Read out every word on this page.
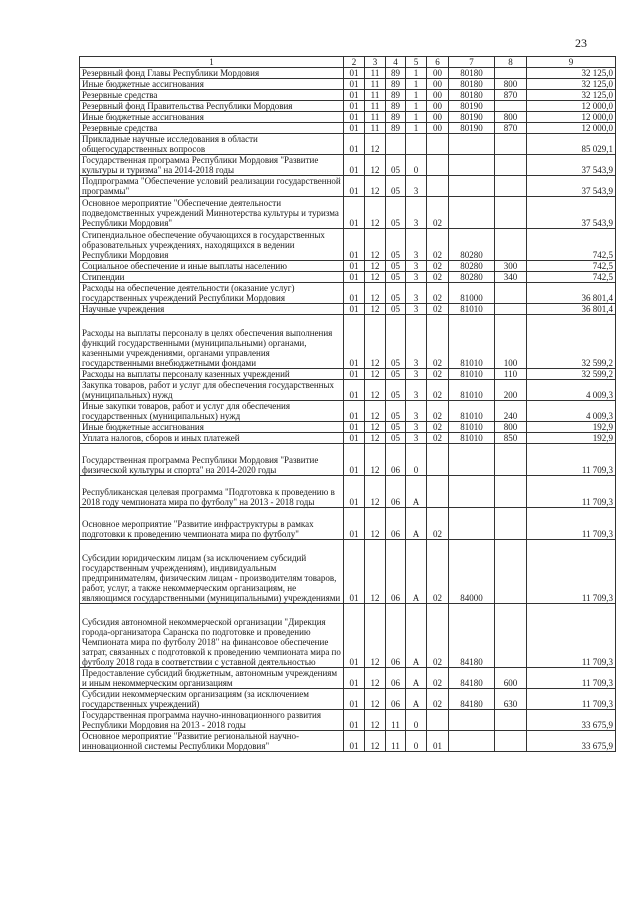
23
1	2	3	4	5	6	7	8	9
Резервный фонд Главы Республики Мордовия	01	11	89	1	00	80180		32 125,0
Иные бюджетные ассигнования	01	11	89	1	00	80180	800	32 125,0
Резервные средства	01	11	89	1	00	80180	870	32 125,0
Резервный фонд Правительства Республики Мордовия	01	11	89	1	00	80190		12 000,0
Иные бюджетные ассигнования	01	11	89	1	00	80190	800	12 000,0
Резервные средства	01	11	89	1	00	80190	870	12 000,0
Прикладные научные исследования в области общегосударственных вопросов	01	12						85 029,1
Государственная программа Республики Мордовия "Развитие культуры и туризма" на 2014-2018 годы	01	12	05	0				37 543,9
Подпрограмма "Обеспечение условий реализации государственной программы"	01	12	05	3				37 543,9
Основное мероприятие "Обеспечение деятельности подведомственных учреждений Миннотерства культуры и туризма Республики Мордовия"	01	12	05	3	02			37 543,9
Стипендиальное обеспечение обучающихся в государственных образовательных учреждениях, находящихся в ведении Республики Мордовия	01	12	05	3	02	80280		742,5
Социальное обеспечение и иные выплаты населению	01	12	05	3	02	80280	300	742,5
Стипендии	01	12	05	3	02	80280	340	742,5
Расходы на обеспечение деятельности (оказание услуг) государственных учреждений Республики Мордовия	01	12	05	3	02	81000		36 801,4
Научные учреждения	01	12	05	3	02	81010		36 801,4
Расходы на выплаты персоналу в целях обеспечения выполнения функций государственными (муниципальными) органами, казенными учреждениями, органами управления государственными внебюджетными фондами	01	12	05	3	02	81010	100	32 599,2
Расходы на выплаты персоналу казенных учреждений	01	12	05	3	02	81010	110	32 599,2
Закупка товаров, работ и услуг для обеспечения государственных (муниципальных) нужд	01	12	05	3	02	81010	200	4 009,3
Иные закупки товаров, работ и услуг для обеспечения государственных (муниципальных) нужд	01	12	05	3	02	81010	240	4 009,3
Иные бюджетные ассигнования	01	12	05	3	02	81010	800	192,9
Уплата налогов, сборов и иных платежей	01	12	05	3	02	81010	850	192,9
Государственная программа Республики Мордовия "Развитие физической культуры и спорта" на 2014-2020 годы	01	12	06	0				11 709,3
Республиканская целевая программа "Подготовка к проведению в 2018 году чемпионата мира по футболу" на 2013 - 2018 годы	01	12	06	А				11 709,3
Основное мероприятие "Развитие инфраструктуры в рамках подготовки к проведению чемпионата мира по футболу"	01	12	06	А	02			11 709,3
Субсидии юридическим лицам (за исключением субсидий государственным учреждениям), индивидуальным предпринимателям, физическим лицам - производителям товаров, работ, услуг, а также некоммерческим организациям, не являющимся государственными (муниципальными) учреждениями	01	12	06	А	02	84000		11 709,3
Субсидия автономной некоммерческой организации "Дирекция города-организатора Саранска по подготовке и проведению Чемпионата мира по футболу 2018" на финансовое обеспечение затрат, связанных с подготовкой к проведению чемпионата мира по футболу 2018 года в соответствии с уставной деятельностью	01	12	06	А	02	84180		11 709,3
Предоставление субсидий бюджетным, автономным учреждениям и иным некоммерческим организациям	01	12	06	А	02	84180	600	11 709,3
Субсидии некоммерческим организациям (за исключением государственных учреждений)	01	12	06	А	02	84180	630	11 709,3
Государственная программа научно-инновационного развития Республики Мордовия на 2013 - 2018 годы	01	12	11	0				33 675,9
Основное мероприятие "Развитие региональной научно-инновационной системы Республики Мордовия"	01	12	11	0	01			33 675,9
